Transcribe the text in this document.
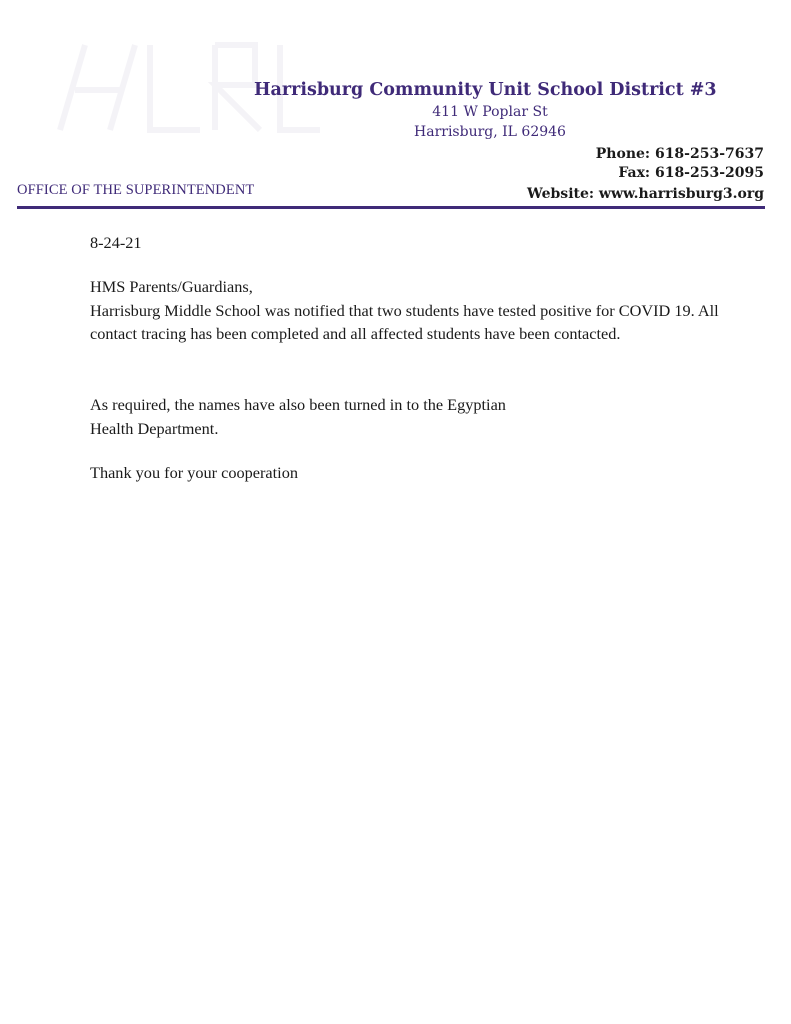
Harrisburg Community Unit School District #3
411 W Poplar St
Harrisburg, IL 62946
Phone: 618-253-7637
Fax: 618-253-2095
Website: www.harrisburg3.org
OFFICE OF THE SUPERINTENDENT
8-24-21

HMS Parents/Guardians,

Harrisburg Middle School was notified that two students have tested positive for COVID 19. All contact tracing has been completed and all affected students have been contacted.

As required, the names have also been turned in to the Egyptian

Health Department.

Thank you for your cooperation
